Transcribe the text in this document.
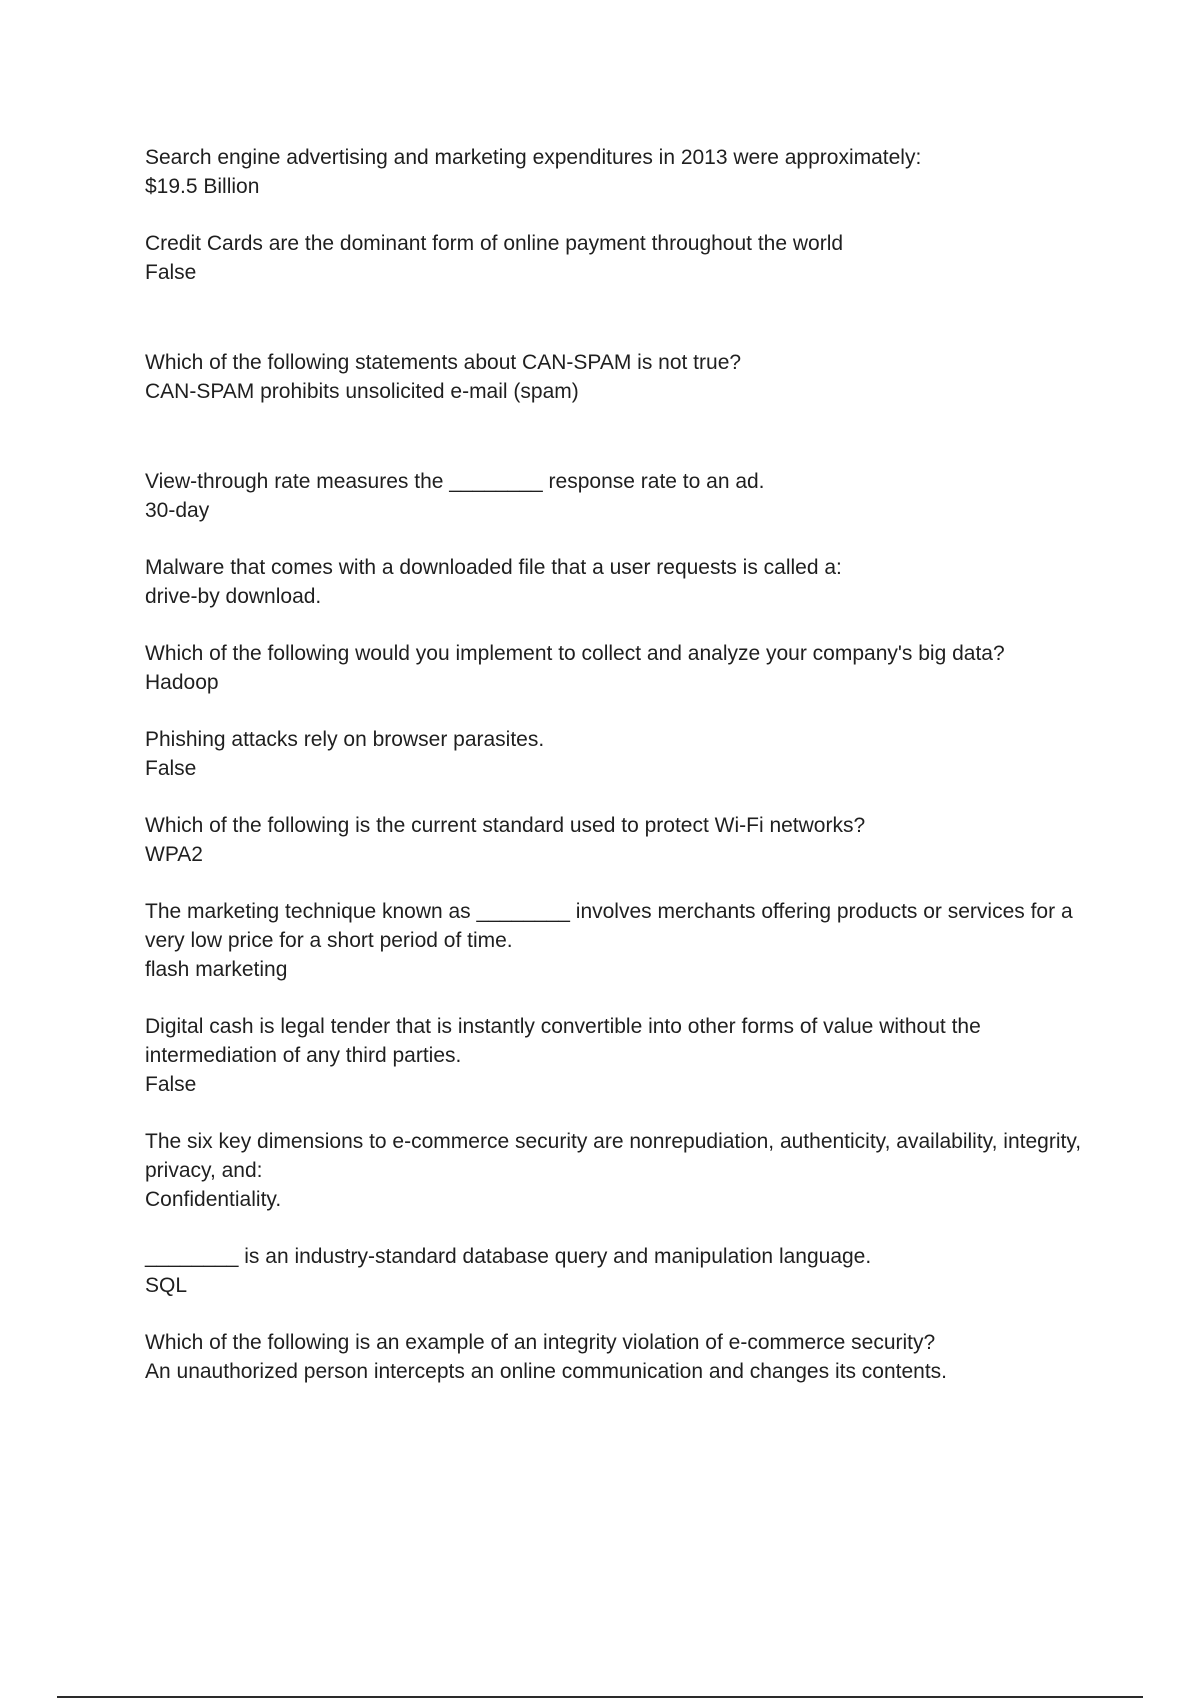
Search engine advertising and marketing expenditures in 2013 were approximately:

$19.5 Billion

Credit Cards are the dominant form of online payment throughout the world

False

Which of the following statements about CAN-SPAM is not true?

CAN-SPAM prohibits unsolicited e-mail (spam)

View-through rate measures the ________ response rate to an ad.

30-day

Malware that comes with a downloaded file that a user requests is called a:

drive-by download.

Which of the following would you implement to collect and analyze your company's big data?

Hadoop

Phishing attacks rely on browser parasites.

False

Which of the following is the current standard used to protect Wi-Fi networks?

WPA2

The marketing technique known as ________ involves merchants offering products or services for a very low price for a short period of time.

flash marketing

Digital cash is legal tender that is instantly convertible into other forms of value without the intermediation of any third parties.

False

The six key dimensions to e-commerce security are nonrepudiation, authenticity, availability, integrity, privacy, and:

Confidentiality.

________ is an industry-standard database query and manipulation language.

SQL

Which of the following is an example of an integrity violation of e-commerce security?

An unauthorized person intercepts an online communication and changes its contents.
